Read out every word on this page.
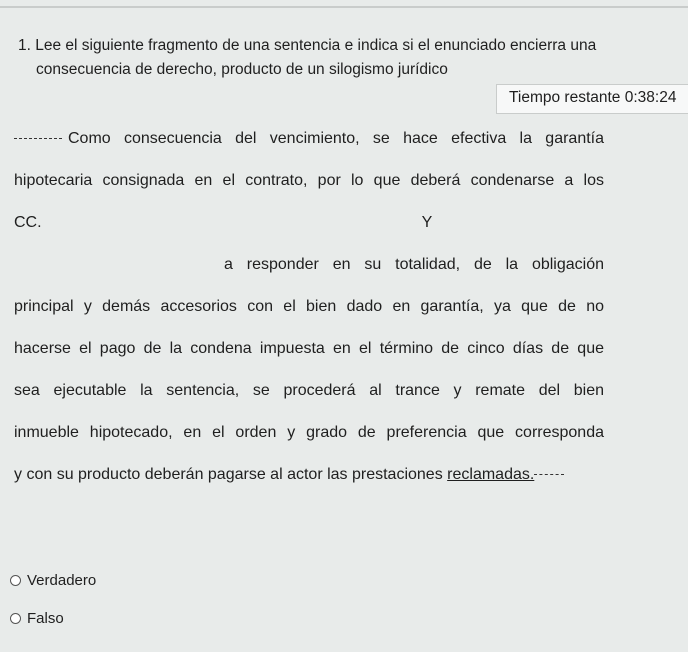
1. Lee el siguiente fragmento de una sentencia e indica si el enunciado encierra una
consecuencia de derecho, producto de un silogismo jurídico
Tiempo restante 0:38:24
Como consecuencia del vencimiento, se hace efectiva la garantía
hipotecaria consignada en el contrato, por lo que deberá condenarse a los
CC.	Y
a responder en su totalidad, de la obligación
principal y demás accesorios con el bien dado en garantía, ya que de no
hacerse el pago de la condena impuesta en el término de cinco días de que
sea ejecutable la sentencia, se procederá al trance y remate del bien
inmueble hipotecado, en el orden y grado de preferencia que corresponda
y con su producto deberán pagarse al actor las prestaciones reclamadas.
Verdadero
Falso
